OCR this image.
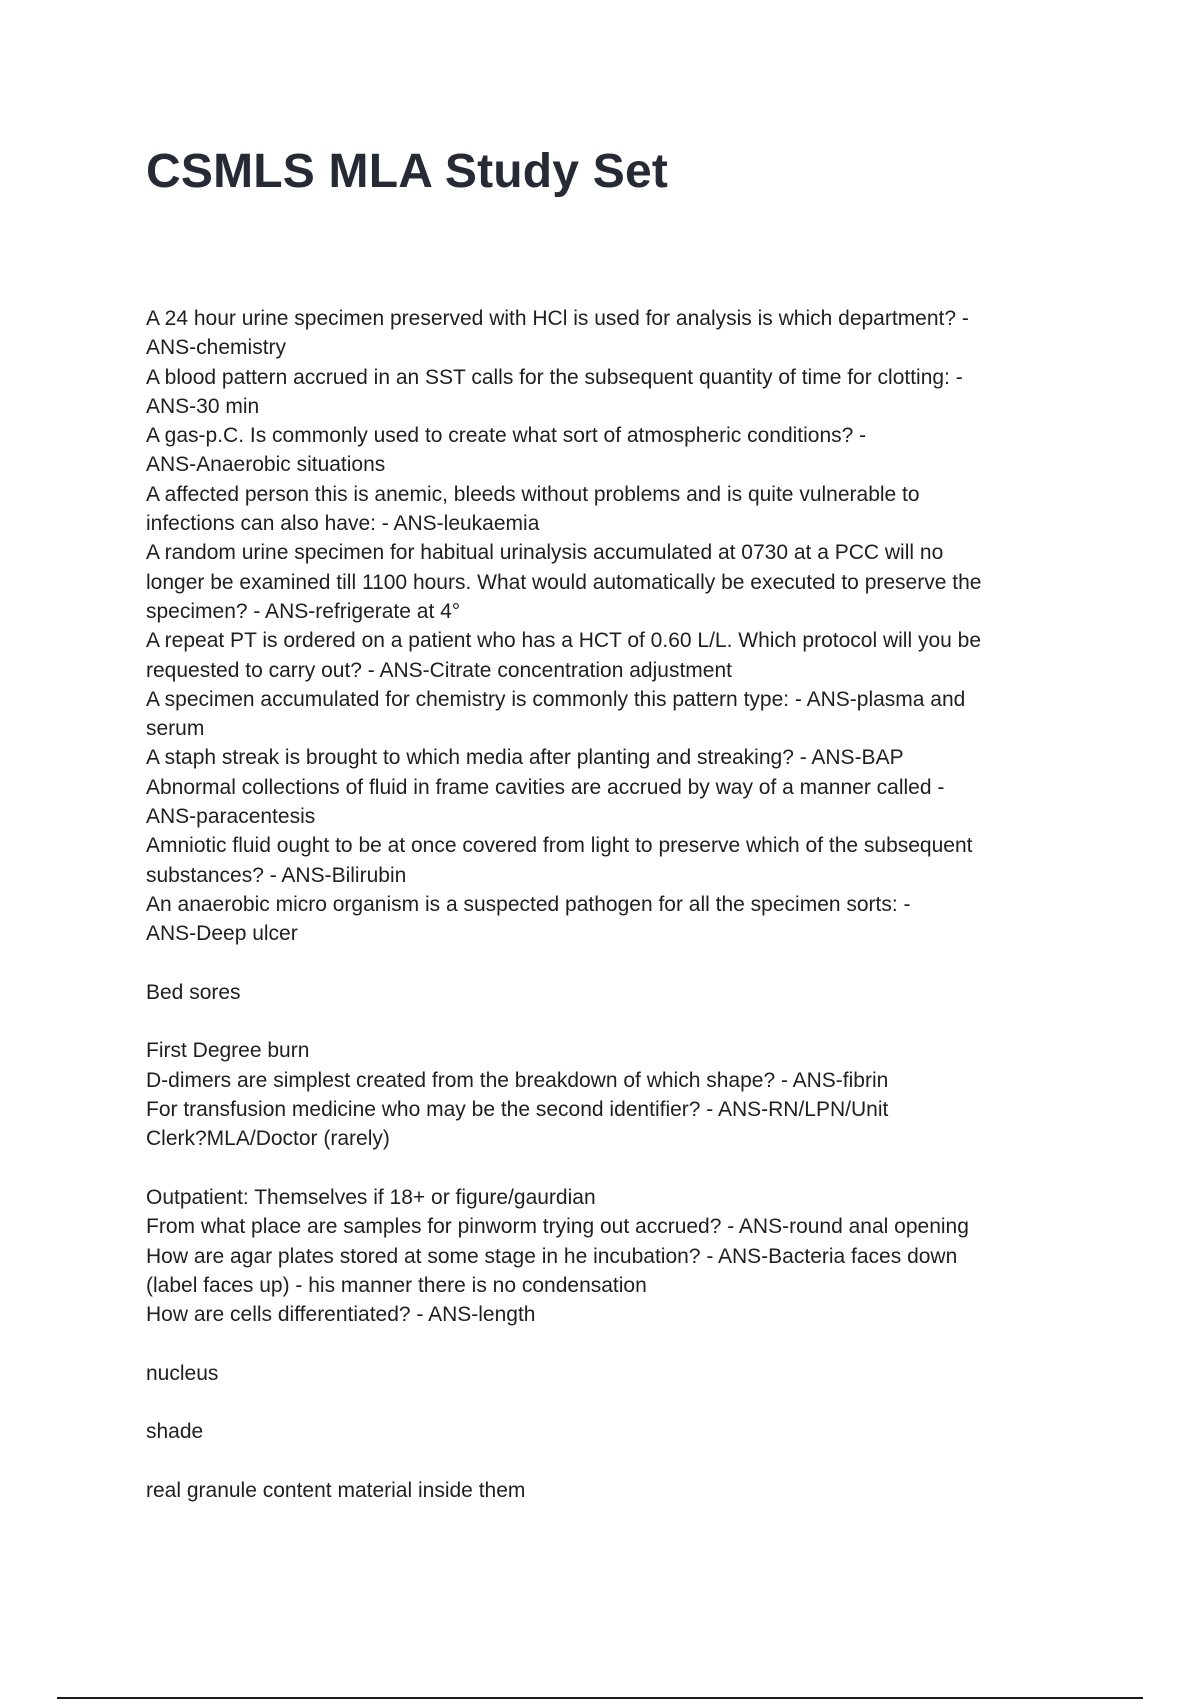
CSMLS MLA Study Set
A 24 hour urine specimen preserved with HCl is used for analysis is which department? -
ANS-chemistry
A blood pattern accrued in an SST calls for the subsequent quantity of time for clotting: -
ANS-30 min
A gas-p.C. Is commonly used to create what sort of atmospheric conditions? -
ANS-Anaerobic situations
A affected person this is anemic, bleeds without problems and is quite vulnerable to
infections can also have: - ANS-leukaemia
A random urine specimen for habitual urinalysis accumulated at 0730 at a PCC will no
longer be examined till 1100 hours. What would automatically be executed to preserve the
specimen? - ANS-refrigerate at 4°
A repeat PT is ordered on a patient who has a HCT of 0.60 L/L. Which protocol will you be
requested to carry out? - ANS-Citrate concentration adjustment
A specimen accumulated for chemistry is commonly this pattern type: - ANS-plasma and
serum
A staph streak is brought to which media after planting and streaking? - ANS-BAP
Abnormal collections of fluid in frame cavities are accrued by way of a manner called -
ANS-paracentesis
Amniotic fluid ought to be at once covered from light to preserve which of the subsequent
substances? - ANS-Bilirubin
An anaerobic micro organism is a suspected pathogen for all the specimen sorts: -
ANS-Deep ulcer
Bed sores
First Degree burn
D-dimers are simplest created from the breakdown of which shape? - ANS-fibrin
For transfusion medicine who may be the second identifier? - ANS-RN/LPN/Unit
Clerk?MLA/Doctor (rarely)
Outpatient: Themselves if 18+ or figure/gaurdian
From what place are samples for pinworm trying out accrued? - ANS-round anal opening
How are agar plates stored at some stage in he incubation? - ANS-Bacteria faces down
(label faces up) - his manner there is no condensation
How are cells differentiated? - ANS-length
nucleus
shade
real granule content material inside them
